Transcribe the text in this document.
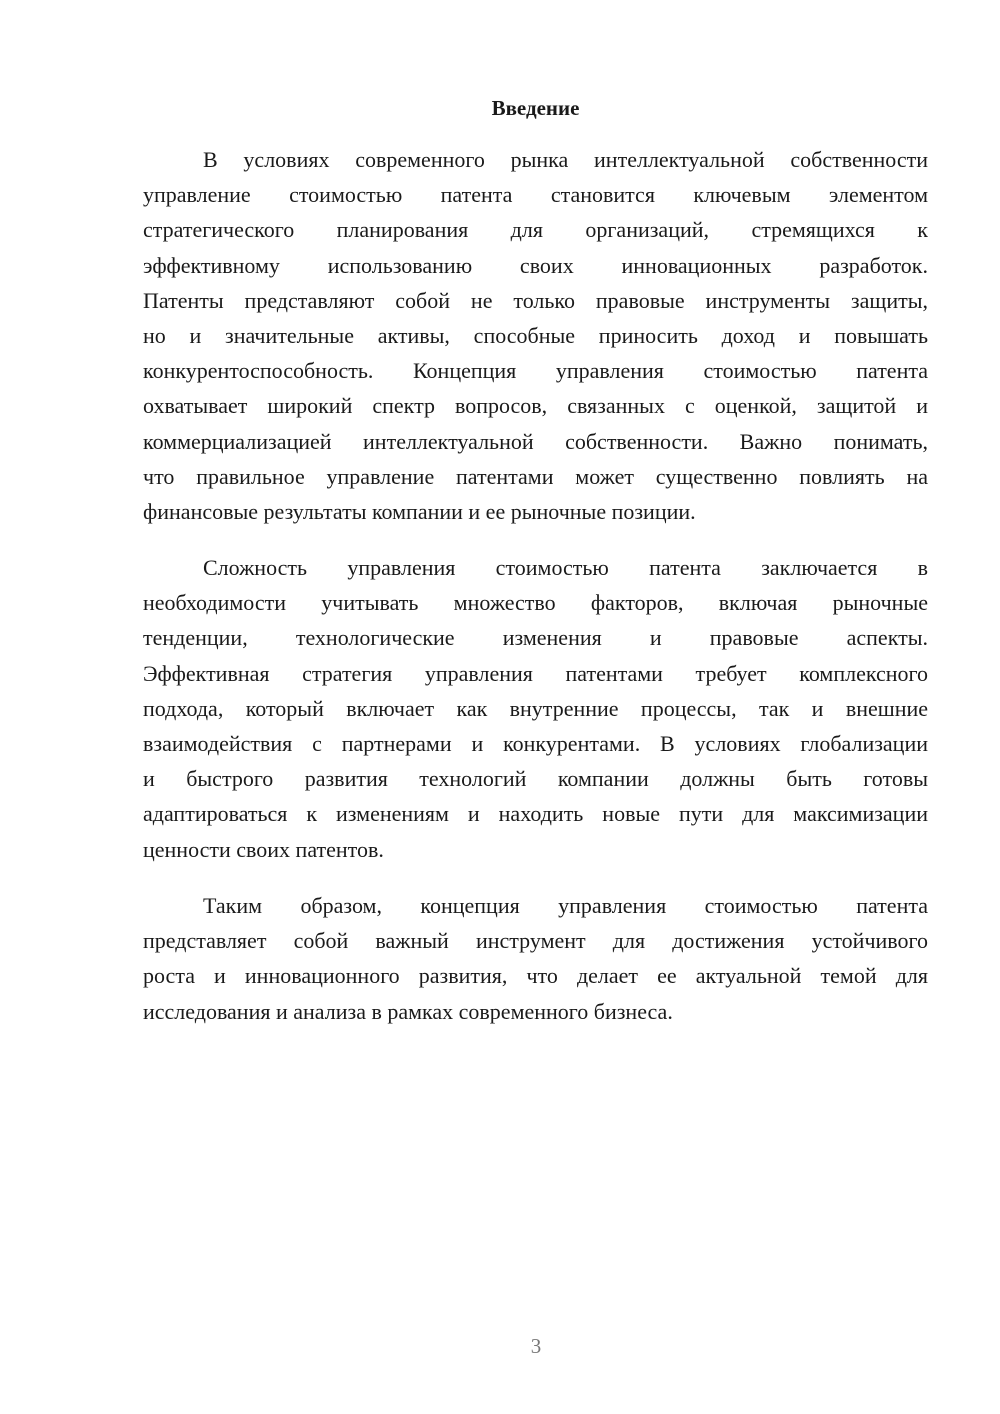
Введение
В условиях современного рынка интеллектуальной собственности
управление стоимостью патента становится ключевым элементом
стратегического планирования для организаций, стремящихся к
эффективному использованию своих инновационных разработок.
Патенты представляют собой не только правовые инструменты защиты,
но и значительные активы, способные приносить доход и повышать
конкурентоспособность. Концепция управления стоимостью патента
охватывает широкий спектр вопросов, связанных с оценкой, защитой и
коммерциализацией интеллектуальной собственности. Важно понимать,
что правильное управление патентами может существенно повлиять на
финансовые результаты компании и ее рыночные позиции.
Сложность управления стоимостью патента заключается в
необходимости учитывать множество факторов, включая рыночные
тенденции, технологические изменения и правовые аспекты.
Эффективная стратегия управления патентами требует комплексного
подхода, который включает как внутренние процессы, так и внешние
взаимодействия с партнерами и конкурентами. В условиях глобализации
и быстрого развития технологий компании должны быть готовы
адаптироваться к изменениям и находить новые пути для максимизации
ценности своих патентов.
Таким образом, концепция управления стоимостью патента
представляет собой важный инструмент для достижения устойчивого
роста и инновационного развития, что делает ее актуальной темой для
исследования и анализа в рамках современного бизнеса.
3
